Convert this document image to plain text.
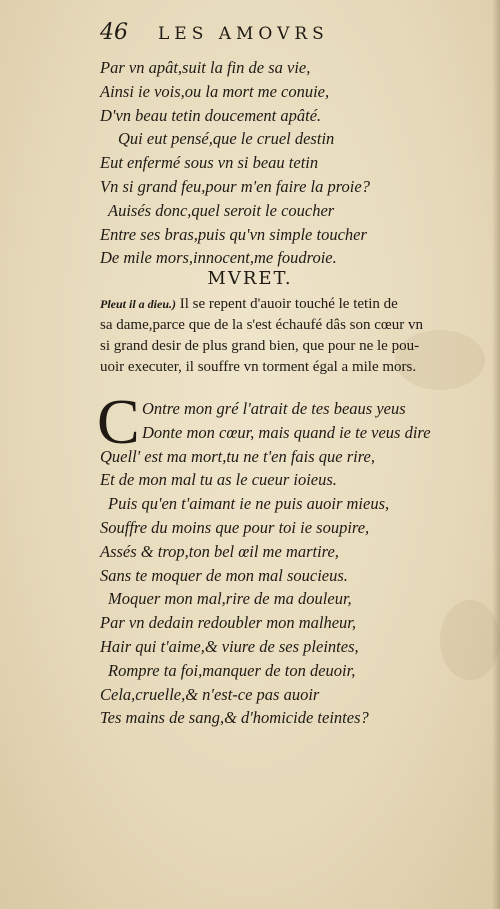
46 LES AMOVRS
Par vn apât,suit la fin de sa vie,
Ainsi ie vois,ou la mort me conuie,
D'vn beau tetin doucement apâté.
Qui eut pensé,que le cruel destin
Eut enfermé sous vn si beau tetin
Vn si grand feu,pour m'en faire la proie?
Auisés donc,quel seroit le coucher
Entre ses bras,puis qu'vn simple toucher
De mile mors,innocent,me foudroie.
MVRET.
Pleut il a dieu.) Il se repent d'auoir touché le tetin de
sa dame,parce que de la s'est échaufé dâs son cœur vn
si grand desir de plus grand bien, que pour ne le pou-
uoir executer, il souffre vn torment égal a mile mors.
C Ontre mon gré l'atrait de tes beaus yeus
Donte mon cœur, mais quand ie te veus dire
Quell' est ma mort,tu ne t'en fais que rire,
Et de mon mal tu as le cueur ioieus.
Puis qu'en t'aimant ie ne puis auoir mieus,
Souffre du moins que pour toi ie soupire,
Assés & trop,ton bel œil me martire,
Sans te moquer de mon mal soucieus.
Moquer mon mal,rire de ma douleur,
Par vn dedain redoubler mon malheur,
Hair qui t'aime,& viure de ses pleintes,
Rompre ta foi,manquer de ton deuoir,
Cela,cruelle,& n'est-ce pas auoir
Tes mains de sang,& d'homicide teintes?
